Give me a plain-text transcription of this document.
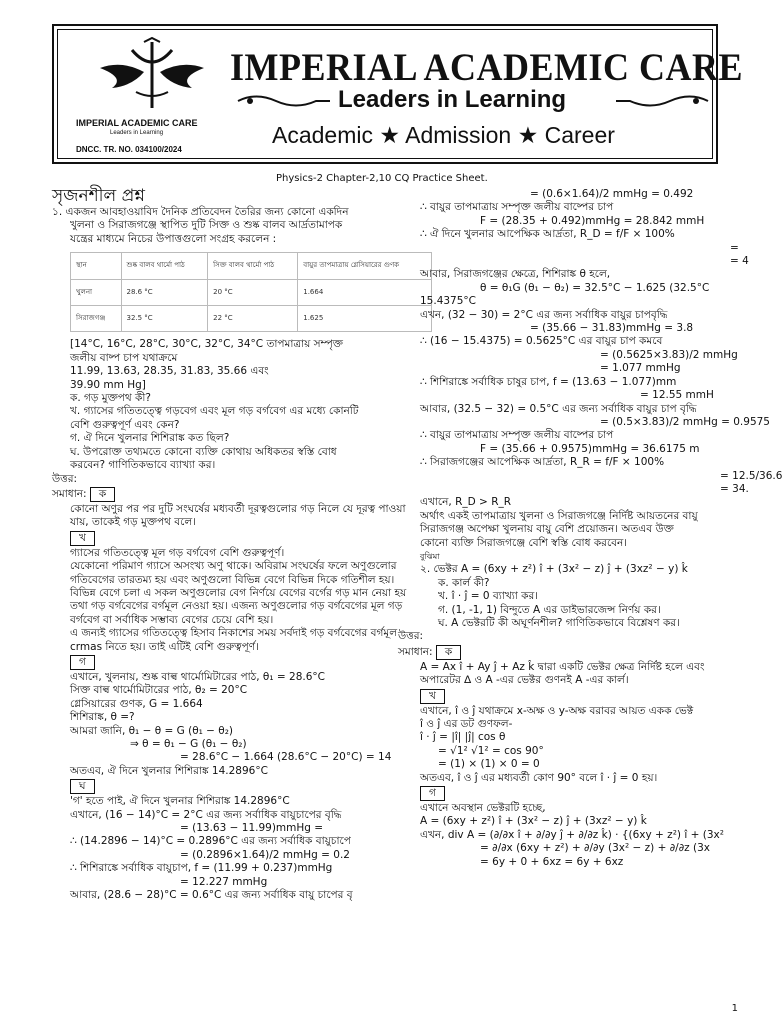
IMPERIAL ACADEMIC CARE
Leaders in Learning
DNCC. TR. NO. 034100/2024
IMPERIAL ACADEMIC CARE
Leaders in Learning
Academic ★ Admission ★ Career
Physics-2 Chapter-2,10 CQ Practice Sheet.
সৃজনশীল প্রশ্ন
১. একজন আবহাওয়াবিদ দৈনিক প্রতিবেদন তৈরির জন্য কোনো একদিন
খুলনা ও সিরাজগঞ্জে স্থাপিত দুটি সিক্ত ও শুষ্ক বালব আর্দ্রতামাপক
যন্ত্রের মাধ্যমে নিচের উপাত্তগুলো সংগ্রহ করলেন :
স্থান	শুষ্ক বালব থার্মো পাঠ	সিক্ত বালব থার্মো পাঠ	বায়ুর তাপমাত্রায় গ্লেসিয়ারের গুণক
খুলনা	28.6 °C	20 °C	1.664
সিরাজগঞ্জ	32.5 °C	22 °C	1.625
[14°C, 16°C, 28°C, 30°C, 32°C, 34°C তাপমাত্রায় সম্পৃক্ত
জলীয় বাষ্প চাপ যথাক্রমে
11.99, 13.63, 28.35, 31.83, 35.66 এবং
39.90 mm Hg]
ক. গড় মুক্তপথ কী?
খ. গ্যাসের গতিতত্ত্বে গড়বেগ এবং মূল গড় বর্গবেগ এর মধ্যে কোনটি
বেশি গুরুত্বপূর্ণ এবং কেন?
গ. ঐ দিনে খুলনার শিশিরাঙ্ক কত ছিল?
ঘ. উপরোক্ত তথ্যমতে কোনো ব্যক্তি কোথায় অধিকতর স্বস্তি বোধ
করবেন? গাণিতিকভাবে ব্যাখ্যা কর।
উত্তর:
সমাধান: ক
কোনো অণুর পর পর দুটি সংঘর্ষের মধ্যবর্তী দূরত্বগুলোর গড় নিলে যে দূরত্ব পাওয়া
যায়, তাকেই গড় মুক্তপথ বলে।
খ
গ্যাসের গতিতত্ত্বে মূল গড় বর্গবেগ বেশি গুরুত্বপূর্ণ।
যেকোনো পরিমাণ গ্যাসে অসংখ্য অণু থাকে। অবিরাম সংঘর্ষের ফলে অণুগুলোর
গতিবেগের তারতম্য হয় এবং অণুগুলো বিভিন্ন বেগে বিভিন্ন দিকে গতিশীল হয়।
বিভিন্ন বেগে চলা এ সকল অণুগুলোর বেগ নির্ণয়ে বেগের বর্গের গড় মান নেয়া হয়
তথা গড় বর্গবেগের বর্গমূল নেওয়া হয়। এজন্য অণুগুলোর গড় বর্গবেগের মূল গড়
বর্গবেগ বা সর্বাধিক সম্ভাব্য বেগের চেয়ে বেশি হয়।
এ জন্যই গ্যাসের গতিতত্ত্বে হিসাব নিকাশের সময় সর্বদাই গড় বর্গবেগের বর্গমূল
crmas নিতে হয়। তাই এটিই বেশি গুরুত্বপূর্ণ।
গ
এখানে, খুলনায়, শুষ্ক বাল্ব থার্মোমিটারের পাঠ, θ₁ = 28.6°C
সিক্ত বাল্ব থার্মোমিটারের পাঠ, θ₂ = 20°C
গ্লেসিয়ারের গুণক, G = 1.664
শিশিরাঙ্ক, θ =?
আমরা জানি, θ₁ − θ = G (θ₁ − θ₂)
⇒ θ = θ₁ − G (θ₁ − θ₂)
= 28.6°C − 1.664 (28.6°C − 20°C) = 14
অতএব, ঐ দিনে খুলনার শিশিরাঙ্ক 14.2896°C
ঘ
'গ' হতে পাই, ঐ দিনে খুলনার শিশিরাঙ্ক 14.2896°C
এখানে, (16 − 14)°C = 2°C এর জন্য সর্বাধিক বায়ুচাপের বৃদ্ধি
= (13.63 − 11.99)mmHg =
∴ (14.2896 − 14)°C = 0.2896°C এর জন্য সর্বাধিক বায়ুচাপে
= (0.2896×1.64)/2 mmHg = 0.2
∴ শিশিরাঙ্কে সর্বাধিক বায়ুচাপ, f = (11.99 + 0.237)mmHg
= 12.227 mmHg
আবার, (28.6 − 28)°C = 0.6°C এর জন্য সর্বাধিক বায়ু চাপের বৃ
= (0.6×1.64)/2 mmHg = 0.492
∴ বায়ুর তাপমাত্রায় সম্পৃক্ত জলীয় বাষ্পের চাপ
F = (28.35 + 0.492)mmHg = 28.842 mmH
∴ ঐ দিনে খুলনার আপেক্ষিক আর্দ্রতা, R_D = f/F × 100%
=
= 4
আবার, সিরাজগঞ্জের ক্ষেত্রে, শিশিরাঙ্ক θ হলে,
θ = θ₁G (θ₁ − θ₂) = 32.5°C − 1.625 (32.5°C
15.4375°C
এখন, (32 − 30) = 2°C এর জন্য সর্বাধিক বায়ুর চাপবৃদ্ধি
= (35.66 − 31.83)mmHg = 3.8
∴ (16 − 15.4375) = 0.5625°C এর বায়ুর চাপ কমবে
= (0.5625×3.83)/2 mmHg
= 1.077 mmHg
∴ শিশিরাঙ্কে সর্বাধিক চাষুর চাপ, f = (13.63 − 1.077)mm
= 12.55 mmH
আবার, (32.5 − 32) = 0.5°C এর জন্য সর্বাধিক বায়ুর চাপ বৃদ্ধি
= (0.5×3.83)/2 mmHg = 0.9575
∴ বায়ুর তাপমাত্রায় সম্পৃক্ত জলীয় বাষ্পের চাপ
F = (35.66 + 0.9575)mmHg = 36.6175 m
∴ সিরাজগঞ্জের আপেক্ষিক আর্দ্রতা, R_R = f/F × 100%
= 12.5/36.6
= 34.
এখানে, R_D > R_R
অর্থাৎ একই তাপমাত্রায় খুলনা ও সিরাজগঞ্জে নির্দিষ্ট আয়তনের বায়ু
সিরাজগঞ্জ অপেক্ষা খুলনায় বায়ু বেশি প্রয়োজন। অতএব উক্ত
কোনো ব্যক্তি সিরাজগঞ্জে বেশি স্বস্তি বোধ করবেন।
বুঝিমা
২. ভেক্টর A = (6xy + z²) î + (3x² − z) ĵ + (3xz² − y) k̂
ক. কার্ল কী?
খ. î · ĵ = 0 ব্যাখ্যা কর।
গ. (1, -1, 1) বিন্দুতে A এর ডাইভারজেন্স নির্ণয় কর।
ঘ. A ভেক্টরটি কী অঘূর্ণনশীল? গাণিতিকভাবে বিশ্লেষণ কর।
উত্তর:
সমাধান: ক
A = Ax î + Ay ĵ + Az k̂ দ্বারা একটি ভেক্টর ক্ষেত্র নির্দিষ্ট হলে এবং
অপারেটর ∆ ও A -এর ভেক্টর গুণনই A -এর কার্ল।
খ
এখানে, î ও ĵ যথাক্রমে x-অক্ষ ও y-অক্ষ বরাবর আয়ত একক ভেক্ট
î ও ĵ এর ডট গুণফল-
î · ĵ = |î| |ĵ| cos θ
= √1² √1² = cos 90°
= (1) × (1) × 0 = 0
অতএব, î ও ĵ এর মধ্যবর্তী কোণ 90° বলে î · ĵ = 0 হয়।
গ
এখানে অবস্থান ভেক্টরটি হচ্ছে,
A = (6xy + z²) î + (3x² − z) ĵ + (3xz² − y) k̂
এখন, div A = (∂/∂x î + ∂/∂y ĵ + ∂/∂z k̂) · {(6xy + z²) î + (3x²
= ∂/∂x (6xy + z²) + ∂/∂y (3x² − z) + ∂/∂z (3x
= 6y + 0 + 6xz = 6y + 6xz
1
